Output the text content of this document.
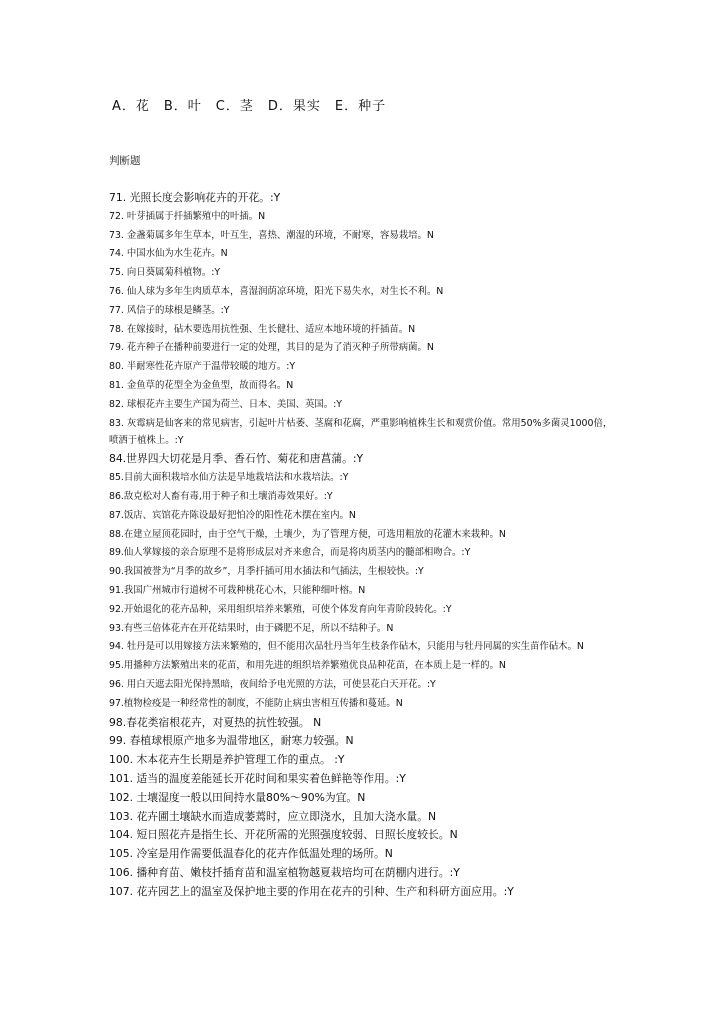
A．花　B．叶　C．茎　D．果实　E．种子
判断题
71. 光照长度会影响花卉的开花。:Y
72. 叶芽插属于扦插繁殖中的叶插。N
73. 金盏菊属多年生草本，叶互生，喜热、潮湿的环境，不耐寒，容易栽培。N
74. 中国水仙为水生花卉。N
75. 向日葵属菊科植物。:Y
76. 仙人球为多年生肉质草本，喜湿润荫凉环境，阳光下易失水，对生长不利。N
77. 风信子的球根是鳞茎。:Y
78. 在嫁接时，砧木要选用抗性强、生长健壮、适应本地环境的扦插苗。N
79. 花卉种子在播种前要进行一定的处理，其目的是为了消灭种子所带病菌。N
80. 半耐寒性花卉原产于温带较暖的地方。:Y
81. 金鱼草的花型全为金鱼型，故而得名。N
82. 球根花卉主要生产国为荷兰、日本、美国、英国。:Y
83. 灰霉病是仙客来的常见病害，引起叶片枯萎、茎腐和花腐，严重影响植株生长和观赏价值。常用50%多菌灵1000倍，喷洒于植株上。:Y
84.世界四大切花是月季、香石竹、菊花和唐菖蒲。:Y
85.目前大面积栽培水仙方法是旱地栽培法和水栽培法。:Y
86.敌克松对人畜有毒,用于种子和土壤消毒效果好。:Y
87.饭店、宾馆花卉陈设最好把怕冷的阳性花木摆在室内。N
88.在建立屋顶花园时，由于空气干燥，土壤少，为了管理方便，可选用粗放的花灌木来栽种。N
89.仙人掌嫁接的亲合原理不是将形成层对齐来愈合，而是将肉质茎内的髓部相吻合。:Y
90.我国被誉为“月季的故乡”，月季扦插可用水插法和气插法，生根较快。:Y
91.我国广州城市行道树不可栽种桃花心木，只能种细叶榕。N
92.开始退化的花卉品种，采用组织培养来繁殖，可使个体发育向年青阶段转化。:Y
93.有些三倍体花卉在开花结果时，由于磷肥不足，所以不结种子。N
94. 牡丹是可以用嫁接方法来繁殖的，但不能用次品牡丹当年生枝条作砧木，只能用与牡丹同属的实生苗作砧木。N
95.用播种方法繁殖出来的花苗，和用先进的组织培养繁殖优良品种花苗，在本质上是一样的。N
96. 用白天遮去阳光保持黑暗，夜间给予电光照的方法，可使昙花白天开花。:Y
97.植物检疫是一种经常性的制度，不能防止病虫害相互传播和蔓延。N
98.春花类宿根花卉，对夏热的抗性较强。 N
99. 春植球根原产地多为温带地区，耐寒力较强。N
100. 木本花卉生长期是养护管理工作的重点。 :Y
101. 适当的温度差能延长开花时间和果实着色鲜艳等作用。:Y
102. 土壤湿度一般以田间持水量80%～90%为宜。N
103. 花卉圃土壤缺水而造成萎蔫时，应立即浇水，且加大浇水量。N
104. 短日照花卉是指生长、开花所需的光照强度较弱、日照长度较长。N
105. 冷室是用作需要低温春化的花卉作低温处理的场所。N
106. 播种育苗、嫩枝扦插育苗和温室植物越夏栽培均可在荫棚内进行。:Y
107. 花卉园艺上的温室及保护地主要的作用在花卉的引种、生产和科研方面应用。:Y
